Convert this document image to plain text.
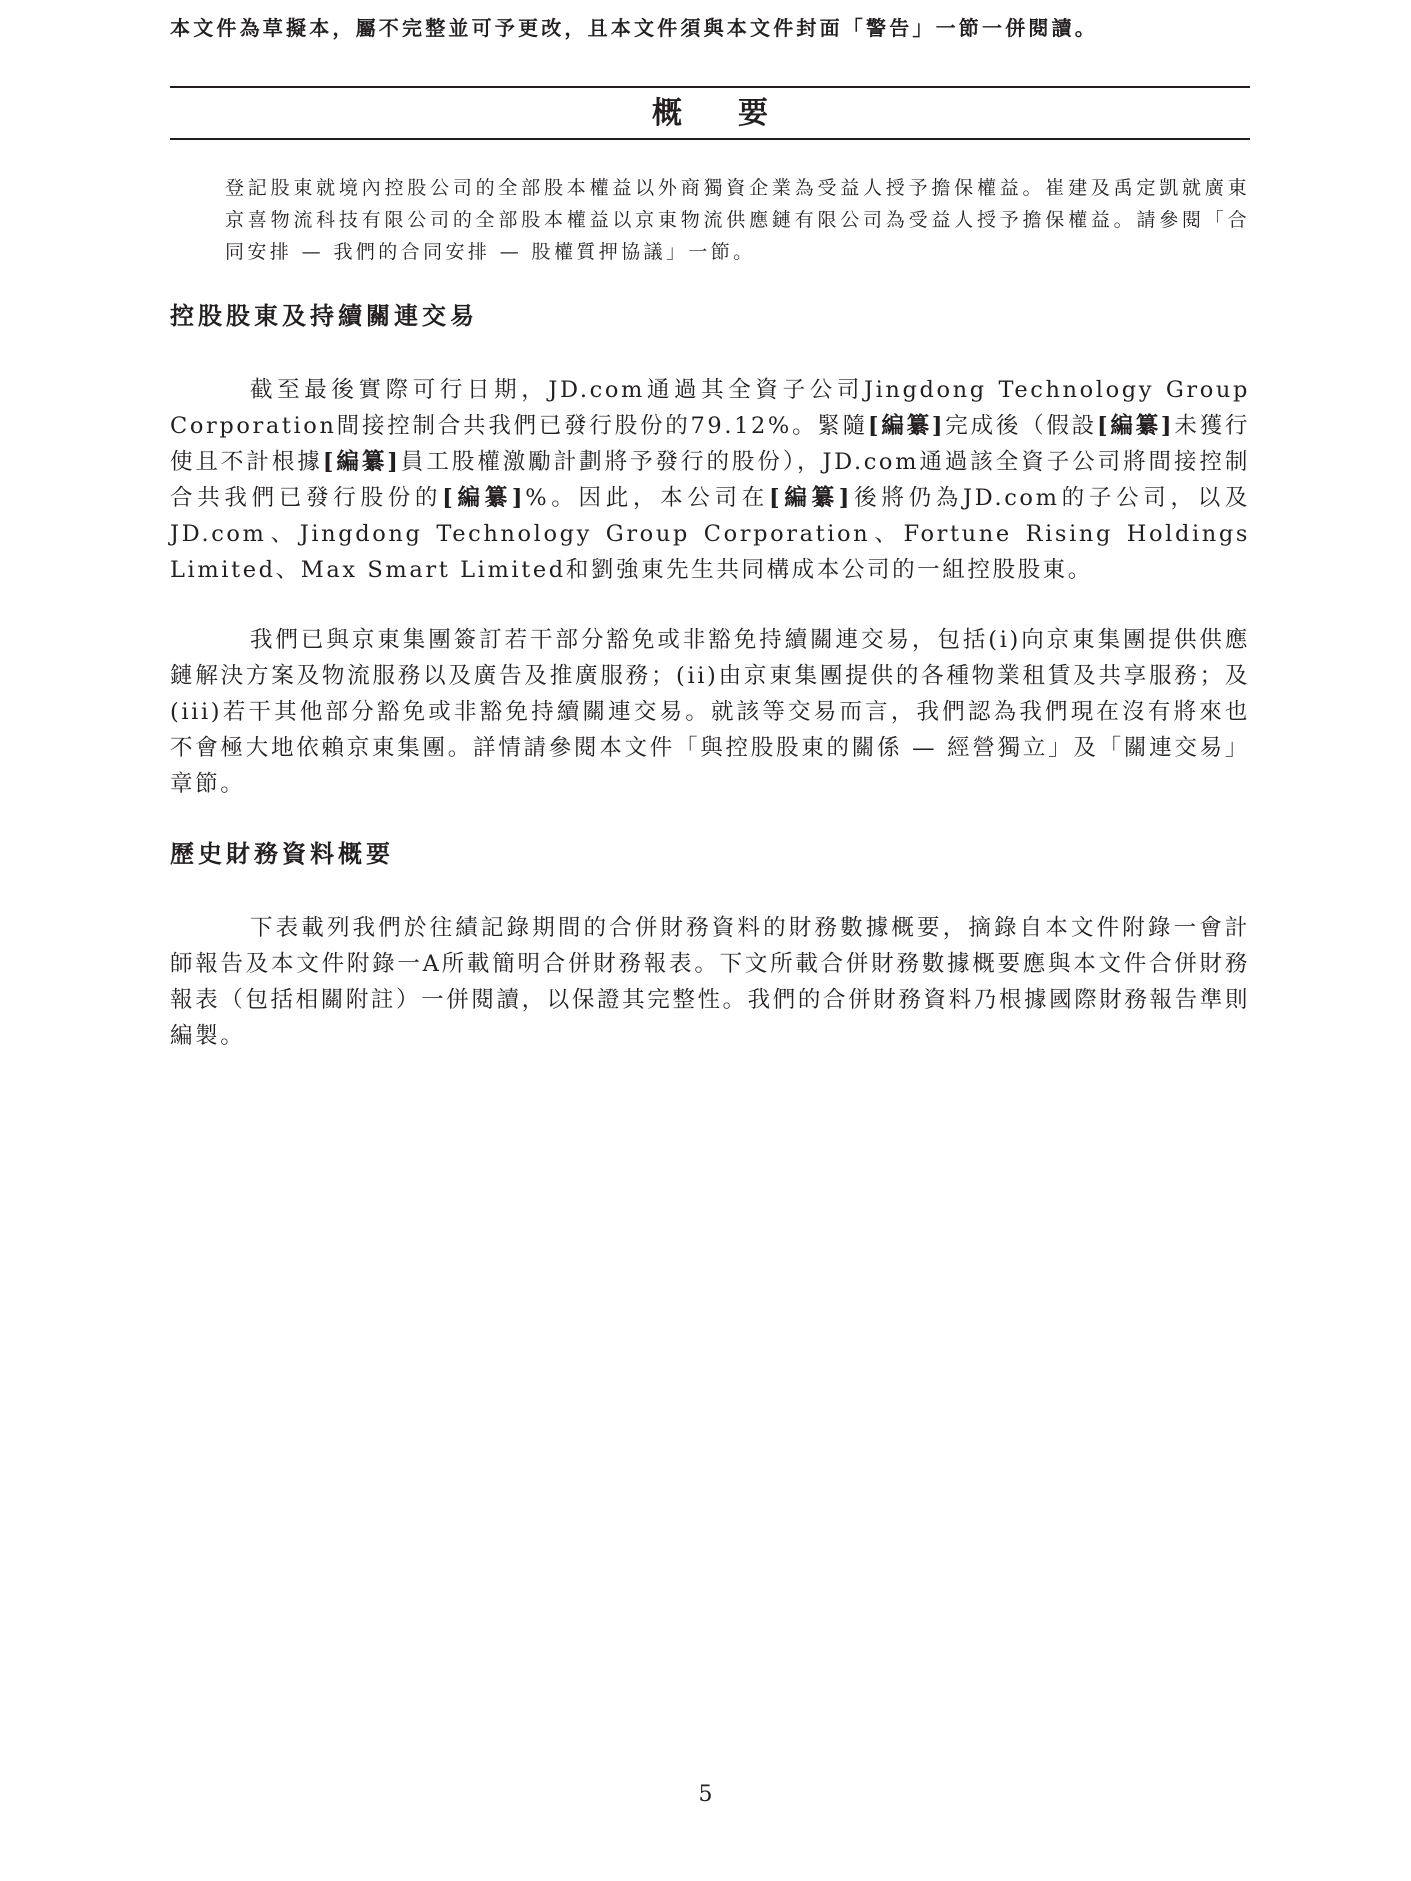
本文件為草擬本，屬不完整並可予更改，且本文件須與本文件封面「警告」一節一併閱讀。
概要
登記股東就境內控股公司的全部股本權益以外商獨資企業為受益人授予擔保權益。崔建及禹定凱就廣東京喜物流科技有限公司的全部股本權益以京東物流供應鏈有限公司為受益人授予擔保權益。請參閱「合同安排 — 我們的合同安排 — 股權質押協議」一節。
控股股東及持續關連交易
截至最後實際可行日期，JD.com通過其全資子公司Jingdong Technology Group Corporation間接控制合共我們已發行股份的79.12%。緊隨[編纂]完成後（假設[編纂]未獲行使且不計根據[編纂]員工股權激勵計劃將予發行的股份），JD.com通過該全資子公司將間接控制合共我們已發行股份的[編纂]%。因此，本公司在[編纂]後將仍為JD.com的子公司，以及JD.com、Jingdong Technology Group Corporation、Fortune Rising Holdings Limited、Max Smart Limited和劉強東先生共同構成本公司的一組控股股東。
我們已與京東集團簽訂若干部分豁免或非豁免持續關連交易，包括(i)向京東集團提供供應鏈解決方案及物流服務以及廣告及推廣服務；(ii)由京東集團提供的各種物業租賃及共享服務；及(iii)若干其他部分豁免或非豁免持續關連交易。就該等交易而言，我們認為我們現在沒有將來也不會極大地依賴京東集團。詳情請參閱本文件「與控股股東的關係 — 經營獨立」及「關連交易」章節。
歷史財務資料概要
下表載列我們於往績記錄期間的合併財務資料的財務數據概要，摘錄自本文件附錄一會計師報告及本文件附錄一A所載簡明合併財務報表。下文所載合併財務數據概要應與本文件合併財務報表（包括相關附註）一併閱讀，以保證其完整性。我們的合併財務資料乃根據國際財務報告準則編製。
5
